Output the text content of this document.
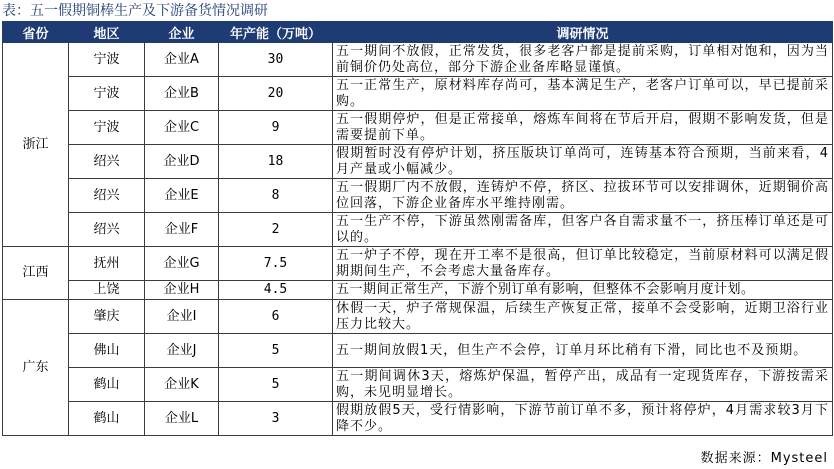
表：五一假期铜棒生产及下游备货情况调研
省份	地区	企业	年产能（万吨）	调研情况
浙江	宁波	企业A	30	五一期间不放假，正常发货，很多老客户都是提前采购，订单相对饱和，因为当前铜价仍处高位，部分下游企业备库略显谨慎。
	宁波	企业B	20	五一正常生产，原材料库存尚可，基本满足生产，老客户订单可以，早已提前采购。
	宁波	企业C	9	五一假期停炉，但是正常接单，熔炼车间将在节后开启，假期不影响发货，但是需要提前下单。
	绍兴	企业D	18	假期暂时没有停炉计划，挤压版块订单尚可，连铸基本符合预期，当前来看，4月产量或小幅减少。
	绍兴	企业E	8	五一假期厂内不放假，连铸炉不停，挤区、拉拔环节可以安排调休，近期铜价高位回落，下游企业备库水平维持刚需。
	绍兴	企业F	2	五一生产不停，下游虽然刚需备库，但客户各自需求量不一，挤压棒订单还是可以的。
江西	抚州	企业G	7.5	五一炉子不停，现在开工率不是很高，但订单比较稳定，当前原材料可以满足假期期间生产，不会考虑大量备库存。
	上饶	企业H	4.5	五一期间正常生产，下游个别订单有影响，但整体不会影响月度计划。
广东	肇庆	企业I	6	休假一天，炉子常规保温，后续生产恢复正常，接单不会受影响，近期卫浴行业压力比较大。
	佛山	企业J	5	五一期间放假1天，但生产不会停，订单月环比稍有下滑，同比也不及预期。
	鹤山	企业K	5	五一期间调休3天，熔炼炉保温，暂停产出，成品有一定现货库存，下游按需采购，未见明显增长。
	鹤山	企业L	3	假期放假5天，受行情影响，下游节前订单不多，预计将停炉，4月需求较3月下降不少。
数据来源：Mysteel
